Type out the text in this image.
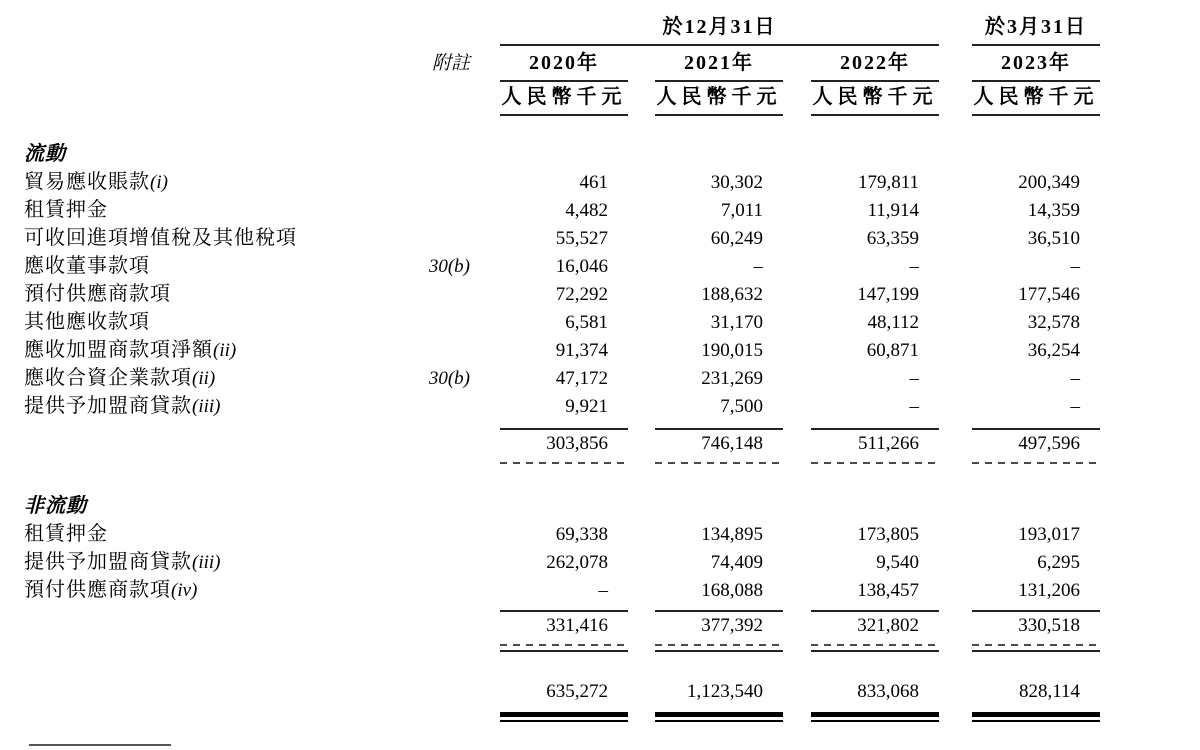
於12月31日	於3月31日
附註	2020年	2021年	2022年	2023年
人民幣千元 人民幣千元 人民幣千元 人民幣千元
流動
貿易應收賬款(i)	461	30,302	179,811	200,349
租賃押金	4,482	7,011	11,914	14,359
可收回進項增值稅及其他稅項	55,527	60,249	63,359	36,510
應收董事款項	30(b)	16,046	–	–	–
預付供應商款項	72,292	188,632	147,199	177,546
其他應收款項	6,581	31,170	48,112	32,578
應收加盟商款項淨額(ii)	91,374	190,015	60,871	36,254
應收合資企業款項(ii)	30(b)	47,172	231,269	–	–
提供予加盟商貸款(iii)	9,921	7,500	–	–
303,856	746,148	511,266	497,596
非流動
租賃押金	69,338	134,895	173,805	193,017
提供予加盟商貸款(iii)	262,078	74,409	9,540	6,295
預付供應商款項(iv)	–	168,088	138,457	131,206
331,416	377,392	321,802	330,518
635,272	1,123,540	833,068	828,114
